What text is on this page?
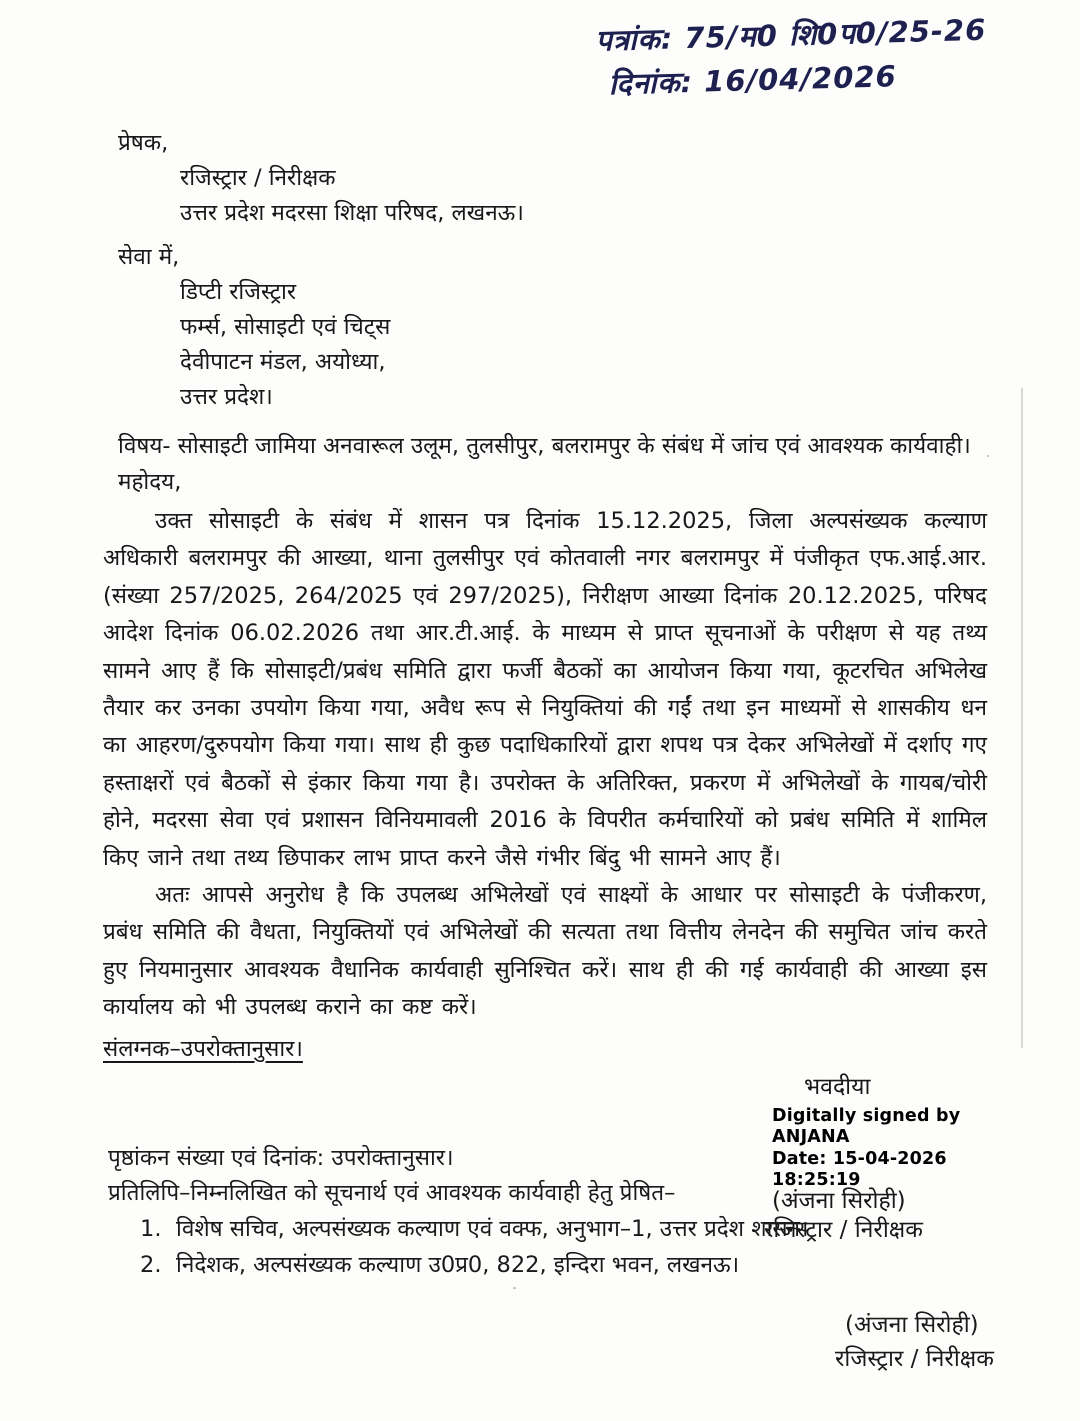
पत्रांक: 75/म0 शि0प0/25-26
दिनांक: 16/04/2026
प्रेषक,
रजिस्ट्रार / निरीक्षक
उत्तर प्रदेश मदरसा शिक्षा परिषद, लखनऊ।
सेवा में,
डिप्टी रजिस्ट्रार
फर्म्स, सोसाइटी एवं चिट्स
देवीपाटन मंडल, अयोध्या,
उत्तर प्रदेश।
विषय- सोसाइटी जामिया अनवारूल उलूम, तुलसीपुर, बलरामपुर के संबंध में जांच एवं आवश्यक कार्यवाही।
महोदय,

उक्त सोसाइटी के संबंध में शासन पत्र दिनांक 15.12.2025, जिला अल्पसंख्यक कल्याण अधिकारी बलरामपुर की आख्या, थाना तुलसीपुर एवं कोतवाली नगर बलरामपुर में पंजीकृत एफ.आई.आर. (संख्या 257/2025, 264/2025 एवं 297/2025), निरीक्षण आख्या दिनांक 20.12.2025, परिषद आदेश दिनांक 06.02.2026 तथा आर.टी.आई. के माध्यम से प्राप्त सूचनाओं के परीक्षण से यह तथ्य सामने आए हैं कि सोसाइटी/प्रबंध समिति द्वारा फर्जी बैठकों का आयोजन किया गया, कूटरचित अभिलेख तैयार कर उनका उपयोग किया गया, अवैध रूप से नियुक्तियां की गईं तथा इन माध्यमों से शासकीय धन का आहरण/दुरुपयोग किया गया। साथ ही कुछ पदाधिकारियों द्वारा शपथ पत्र देकर अभिलेखों में दर्शाए गए हस्ताक्षरों एवं बैठकों से इंकार किया गया है। उपरोक्त के अतिरिक्त, प्रकरण में अभिलेखों के गायब/चोरी होने, मदरसा सेवा एवं प्रशासन विनियमावली 2016 के विपरीत कर्मचारियों को प्रबंध समिति में शामिल किए जाने तथा तथ्य छिपाकर लाभ प्राप्त करने जैसे गंभीर बिंदु भी सामने आए हैं।

अतः आपसे अनुरोध है कि उपलब्ध अभिलेखों एवं साक्ष्यों के आधार पर सोसाइटी के पंजीकरण, प्रबंध समिति की वैधता, नियुक्तियों एवं अभिलेखों की सत्यता तथा वित्तीय लेनदेन की समुचित जांच करते हुए नियमानुसार आवश्यक वैधानिक कार्यवाही सुनिश्चित करें। साथ ही की गई कार्यवाही की आख्या इस कार्यालय को भी उपलब्ध कराने का कष्ट करें।

संलग्नक–उपरोक्तानुसार।
भवदीया
Digitally signed by
ANJANA
Date: 15-04-2026
18:25:19
(अंजना सिरोही)
रजिस्ट्रार / निरीक्षक
पृष्ठांकन संख्या एवं दिनांक: उपरोक्तानुसार।
प्रतिलिपि–निम्नलिखित को सूचनार्थ एवं आवश्यक कार्यवाही हेतु प्रेषित–
1. विशेष सचिव, अल्पसंख्यक कल्याण एवं वक्फ, अनुभाग–1, उत्तर प्रदेश शासन।
2. निदेशक, अल्पसंख्यक कल्याण उ0प्र0, 822, इन्दिरा भवन, लखनऊ।
(अंजना सिरोही)
रजिस्ट्रार / निरीक्षक
